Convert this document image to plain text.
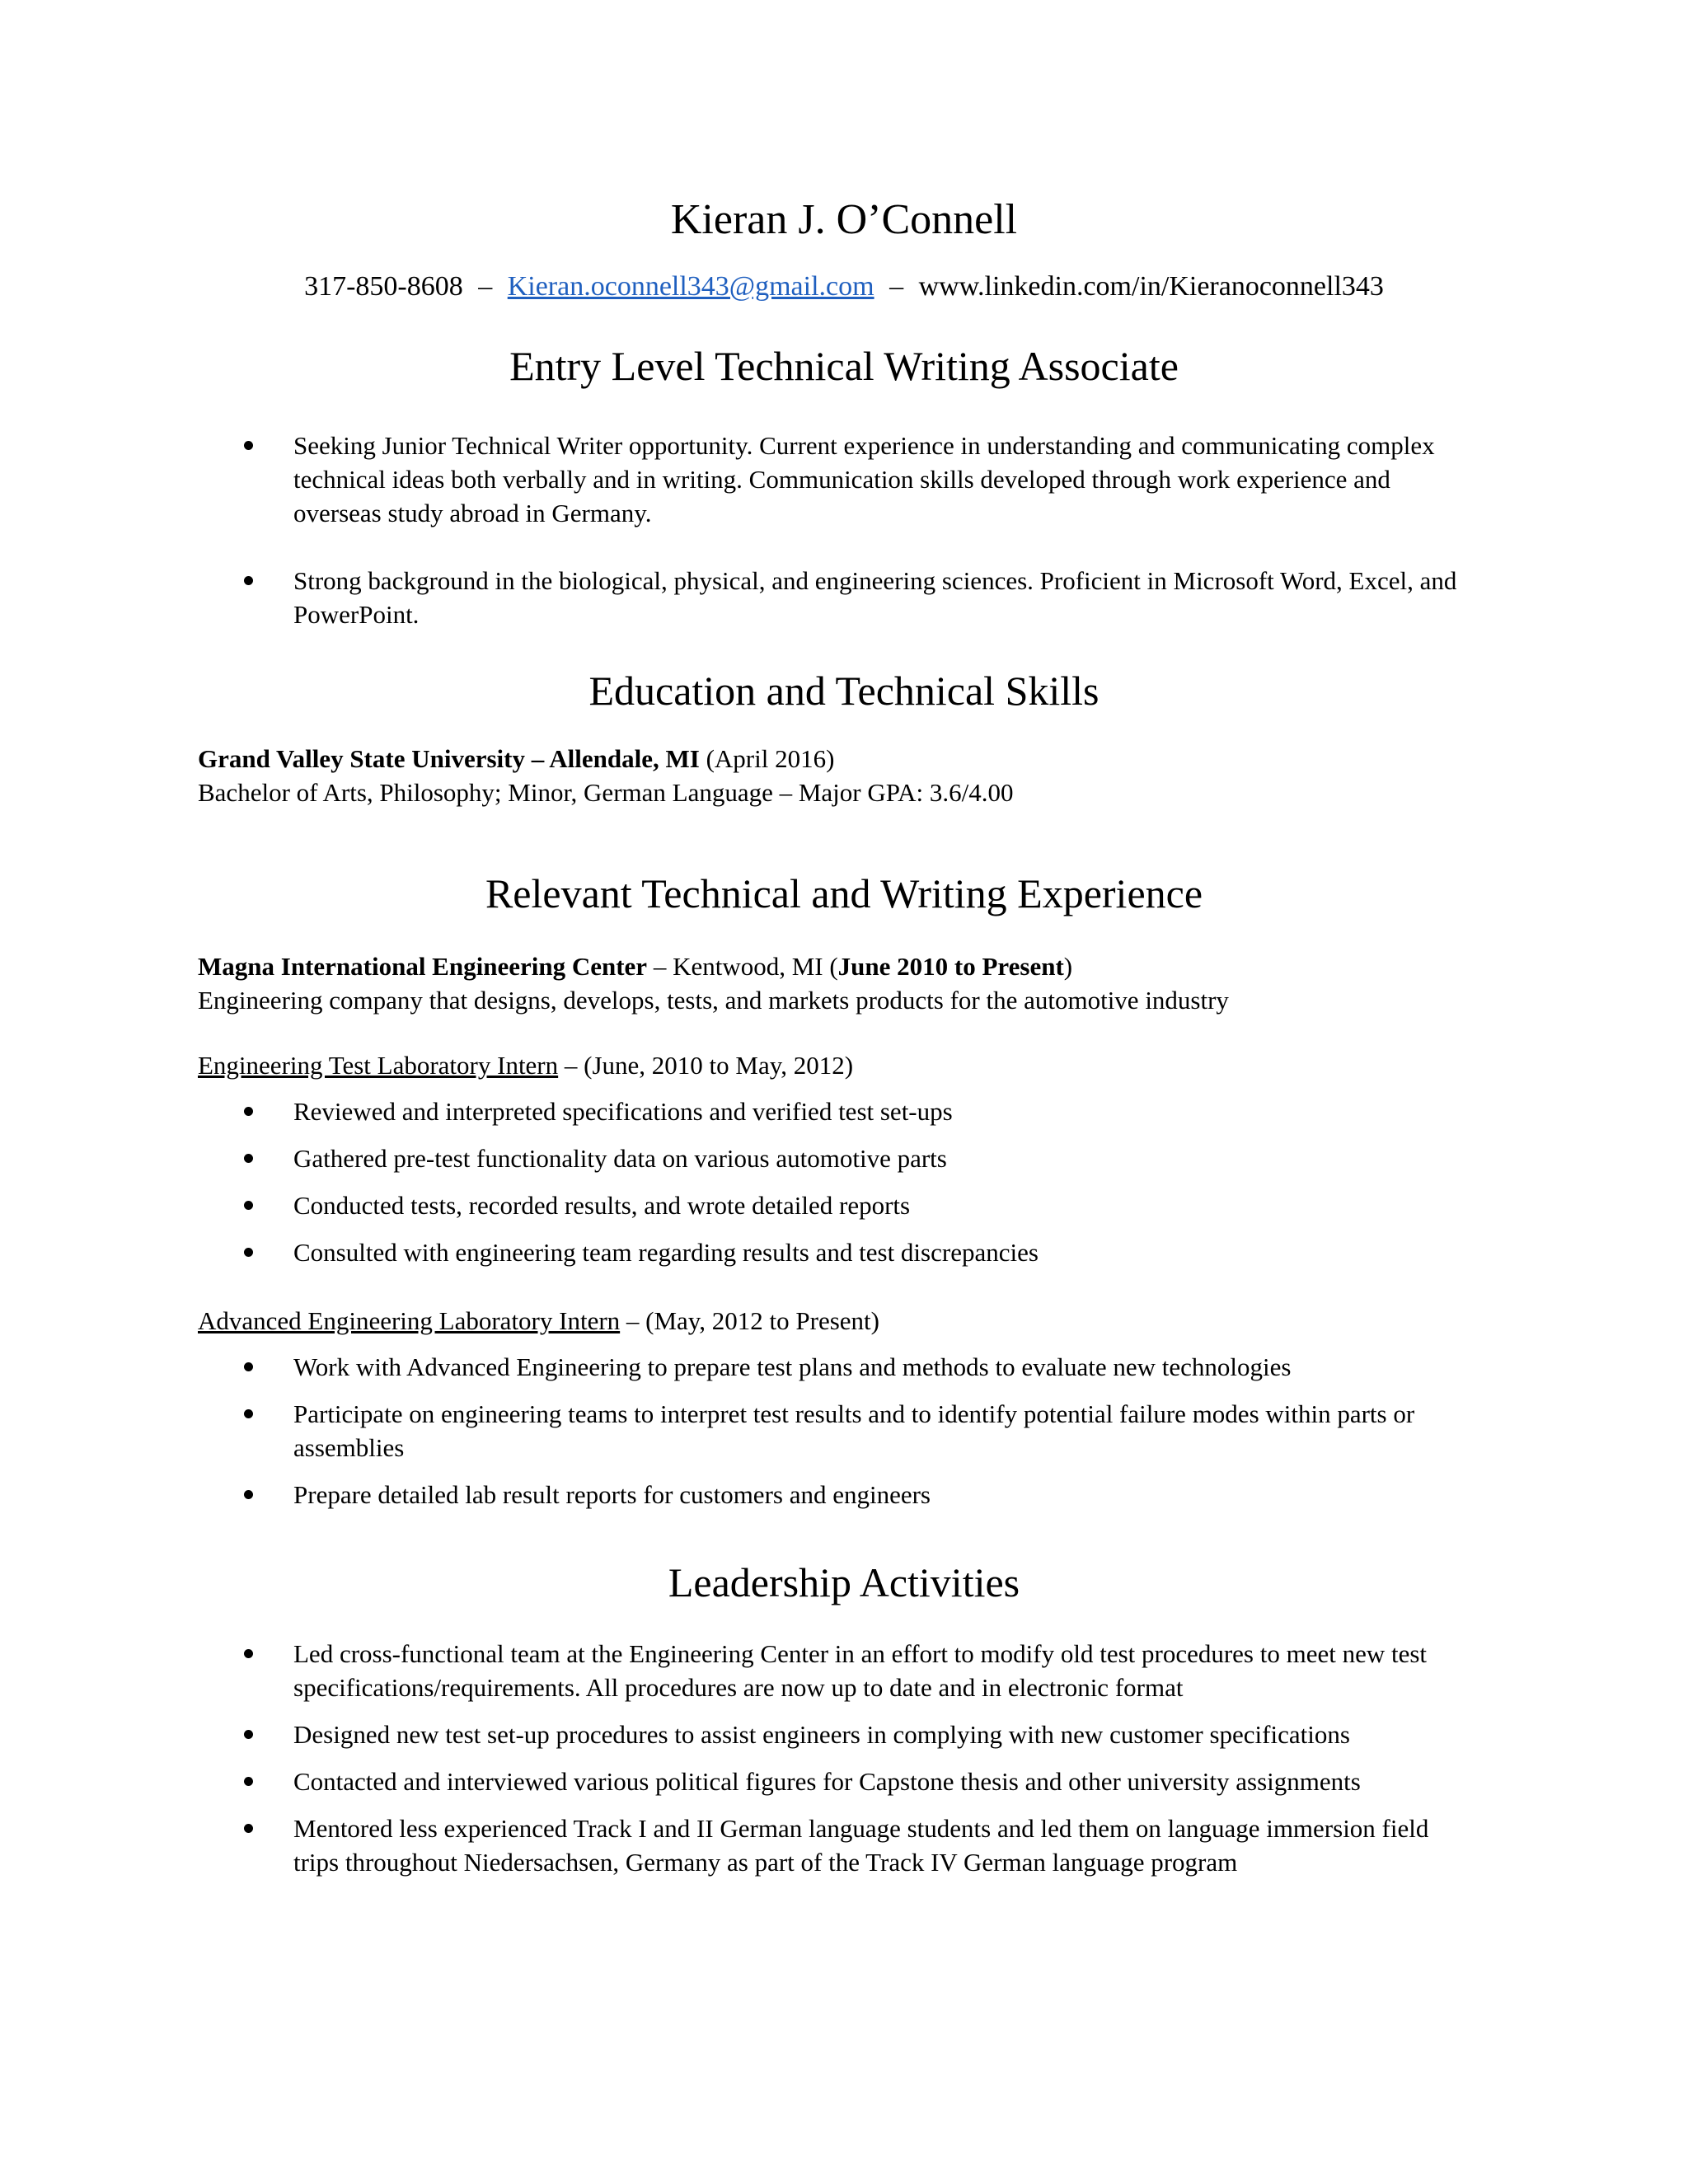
Kieran J. O’Connell
317-850-8608 – Kieran.oconnell343@gmail.com – www.linkedin.com/in/Kieranoconnell343
Entry Level Technical Writing Associate
Seeking Junior Technical Writer opportunity. Current experience in understanding and communicating complex technical ideas both verbally and in writing. Communication skills developed through work experience and overseas study abroad in Germany.
Strong background in the biological, physical, and engineering sciences. Proficient in Microsoft Word, Excel, and PowerPoint.
Education and Technical Skills
Grand Valley State University – Allendale, MI (April 2016)
Bachelor of Arts, Philosophy; Minor, German Language – Major GPA: 3.6/4.00
Relevant Technical and Writing Experience
Magna International Engineering Center – Kentwood, MI (June 2010 to Present)
Engineering company that designs, develops, tests, and markets products for the automotive industry
Engineering Test Laboratory Intern – (June, 2010 to May, 2012)
Reviewed and interpreted specifications and verified test set-ups
Gathered pre-test functionality data on various automotive parts
Conducted tests, recorded results, and wrote detailed reports
Consulted with engineering team regarding results and test discrepancies
Advanced Engineering Laboratory Intern – (May, 2012 to Present)
Work with Advanced Engineering to prepare test plans and methods to evaluate new technologies
Participate on engineering teams to interpret test results and to identify potential failure modes within parts or assemblies
Prepare detailed lab result reports for customers and engineers
Leadership Activities
Led cross-functional team at the Engineering Center in an effort to modify old test procedures to meet new test specifications/requirements. All procedures are now up to date and in electronic format
Designed new test set-up procedures to assist engineers in complying with new customer specifications
Contacted and interviewed various political figures for Capstone thesis and other university assignments
Mentored less experienced Track I and II German language students and led them on language immersion field trips throughout Niedersachsen, Germany as part of the Track IV German language program
